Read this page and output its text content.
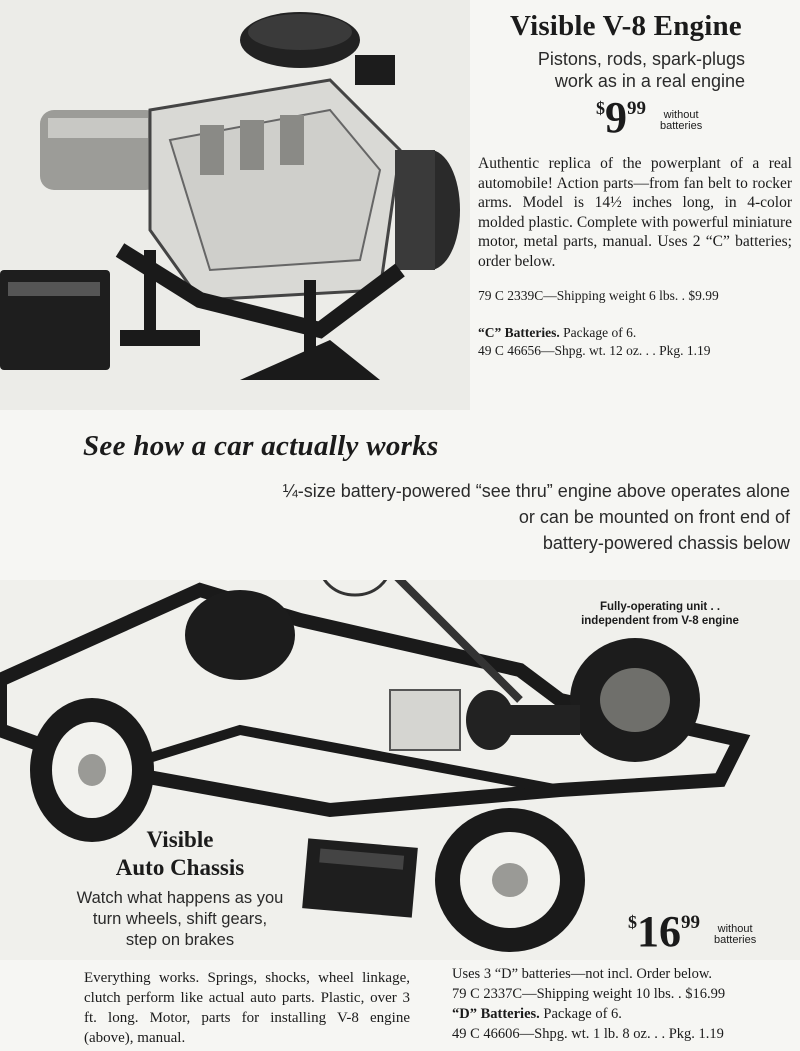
Visible V-8 Engine
Pistons, rods, spark-plugs
work as in a real engine
$999 without
batteries
Authentic replica of the powerplant of a real automobile! Action parts—from fan belt to rocker arms. Model is 14½ inches long, in 4-color molded plastic. Complete with powerful miniature motor, metal parts, manual. Uses 2 “C” batteries; order below.
79 C 2339C—Shipping weight 6 lbs. . $9.99
“C” Batteries. Package of 6.
49 C 46656—Shpg. wt. 12 oz. . . Pkg. 1.19
See how a car actually works
¼-size battery-powered “see thru” engine above operates alone
or can be mounted on front end of
battery-powered chassis below
Fully-operating unit . .
independent from V-8 engine
Visible
Auto Chassis
Watch what happens as you
turn wheels, shift gears,
step on brakes
$1699 without
batteries
Everything works. Springs, shocks, wheel linkage, clutch perform like actual auto parts. Plastic, over 3 ft. long. Motor, parts for installing V-8 engine (above), manual.
Uses 3 “D” batteries—not incl. Order below.
79 C 2337C—Shipping weight 10 lbs. . $16.99
“D” Batteries. Package of 6.
49 C 46606—Shpg. wt. 1 lb. 8 oz. . . Pkg. 1.19
